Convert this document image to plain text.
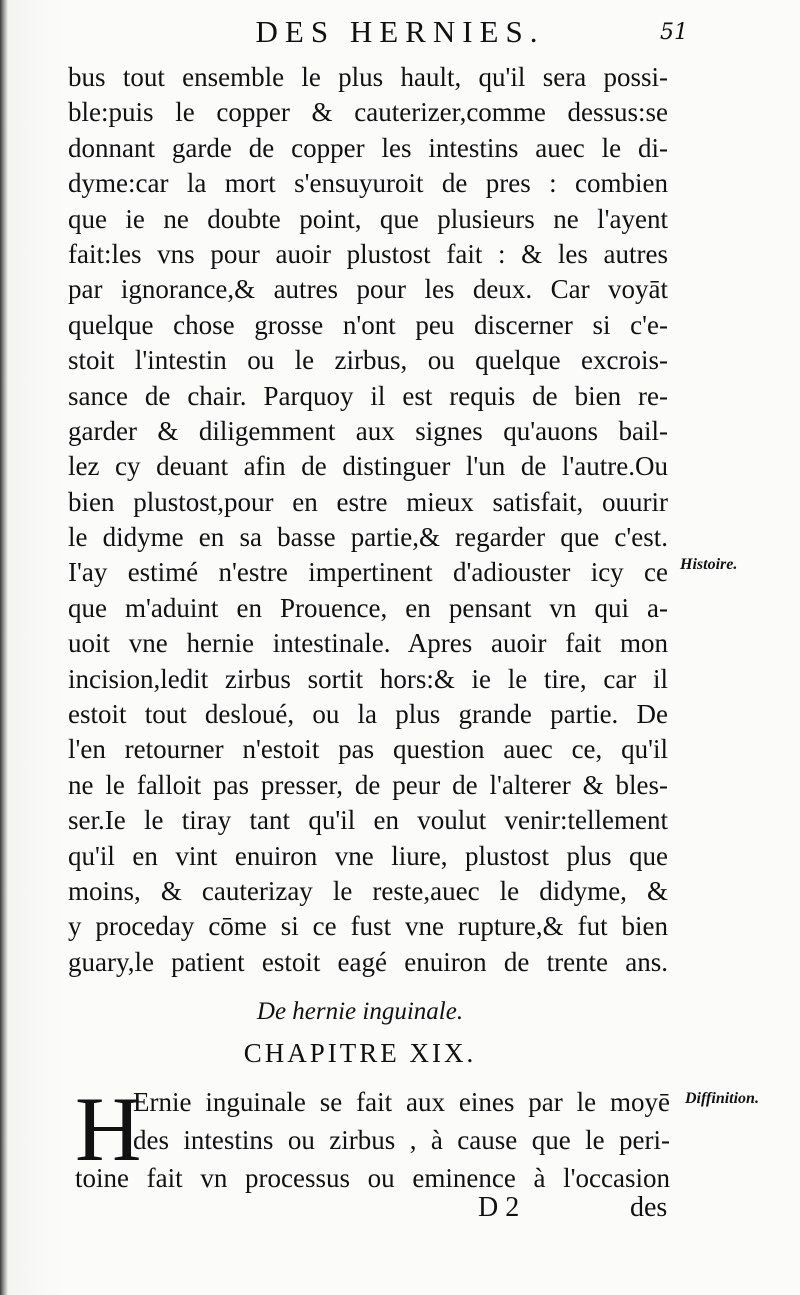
DES HERNIES.	51
bus tout ensemble le plus hault, qu'il sera possi-
ble:puis le copper & cauterizer,comme dessus:se
donnant garde de copper les intestins auec le di-
dyme:car la mort s'ensuyuroit de pres : combien
que ie ne doubte point, que plusieurs ne l'ayent
fait:les vns pour auoir plustost fait : & les autres
par ignorance,& autres pour les deux. Car voyāt
quelque chose grosse n'ont peu discerner si c'e-
stoit l'intestin ou le zirbus, ou quelque excrois-
sance de chair. Parquoy il est requis de bien re-
garder & diligemment aux signes qu'auons bail-
lez cy deuant afin de distinguer l'un de l'autre.Ou
bien plustost,pour en estre mieux satisfait, ouurir
le didyme en sa basse partie,& regarder que c'est.
I'ay estimé n'estre impertinent d'adiouster icy ce
que m'aduint en Prouence, en pensant vn qui a-
uoit vne hernie intestinale. Apres auoir fait mon
incision,ledit zirbus sortit hors:& ie le tire, car il
estoit tout desloué, ou la plus grande partie. De
l'en retourner n'estoit pas question auec ce, qu'il
ne le falloit pas presser, de peur de l'alterer & bles-
ser.Ie le tiray tant qu'il en voulut venir:tellement
qu'il en vint enuiron vne liure, plustost plus que
moins, & cauterizay le reste,auec le didyme, &
y proceday cōme si ce fust vne rupture,& fut bien
guary,le patient estoit eagé enuiron de trente ans.
Histoire.
De hernie inguinale.
CHAPITRE XIX.
H
Ernie inguinale se fait aux eines par le moyē
des intestins ou zirbus , à cause que le peri-
toine fait vn processus ou eminence à l'occasion
Diffinition.
D 2	des
